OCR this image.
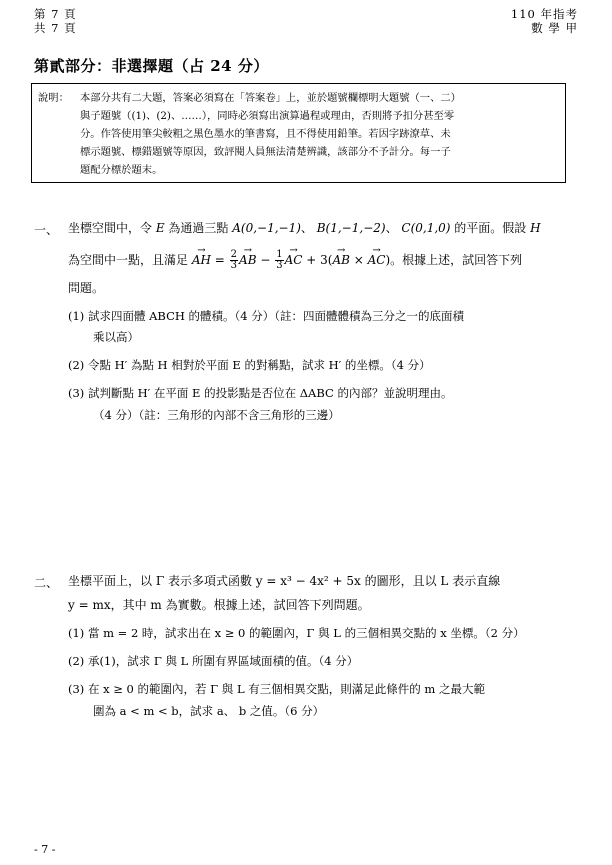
第 7 頁
共 7 頁
110 年指考
數 學 甲
第貳部分：非選擇題（占 24 分）
說明： 本部分共有二大題，答案必須寫在「答案卷」上，並於題號欄標明大題號（一、二）
與子題號（(1)、(2)、……），同時必須寫出演算過程或理由，否則將予扣分甚至零
分。作答使用筆尖較粗之黑色墨水的筆書寫，且不得使用鉛筆。若因字跡潦草、未
標示題號、標錯題號等原因，致評閱人員無法清楚辨識，該部分不予計分。每一子
題配分標於題末。
一、 坐標空間中，令 E 為通過三點 A(0,−1,−1)、 B(1,−1,−2)、 C(0,1,0) 的平面。假設 H
為空間中一點，且滿足 → AH = $\frac{2}{3}$ → AB − $\frac{1}{3}$ → AC + 3(→ AB × → AC)。根據上述，試回答下列
問題。
(1) 試求四面體 ABCH 的體積。（4 分）（註：四面體體積為三分之一的底面積
乘以高）
(2) 令點 H′ 為點 H 相對於平面 E 的對稱點，試求 H′ 的坐標。（4 分）
(3) 試判斷點 H′ 在平面 E 的投影點是否位在 ΔABC 的內部？並說明理由。
（4 分）（註：三角形的內部不含三角形的三邊）
二、 坐標平面上，以 Γ 表示多項式函數 y = x³ − 4x² + 5x 的圖形，且以 L 表示直線
y = mx，其中 m 為實數。根據上述，試回答下列問題。
(1) 當 m = 2 時，試求出在 x ≥ 0 的範圍內，Γ 與 L 的三個相異交點的 x 坐標。（2 分）
(2) 承(1)，試求 Γ 與 L 所圍有界區域面積的值。（4 分）
(3) 在 x ≥ 0 的範圍內，若 Γ 與 L 有三個相異交點，則滿足此條件的 m 之最大範
圍為 a < m < b，試求 a、 b 之值。（6 分）
- 7 -
